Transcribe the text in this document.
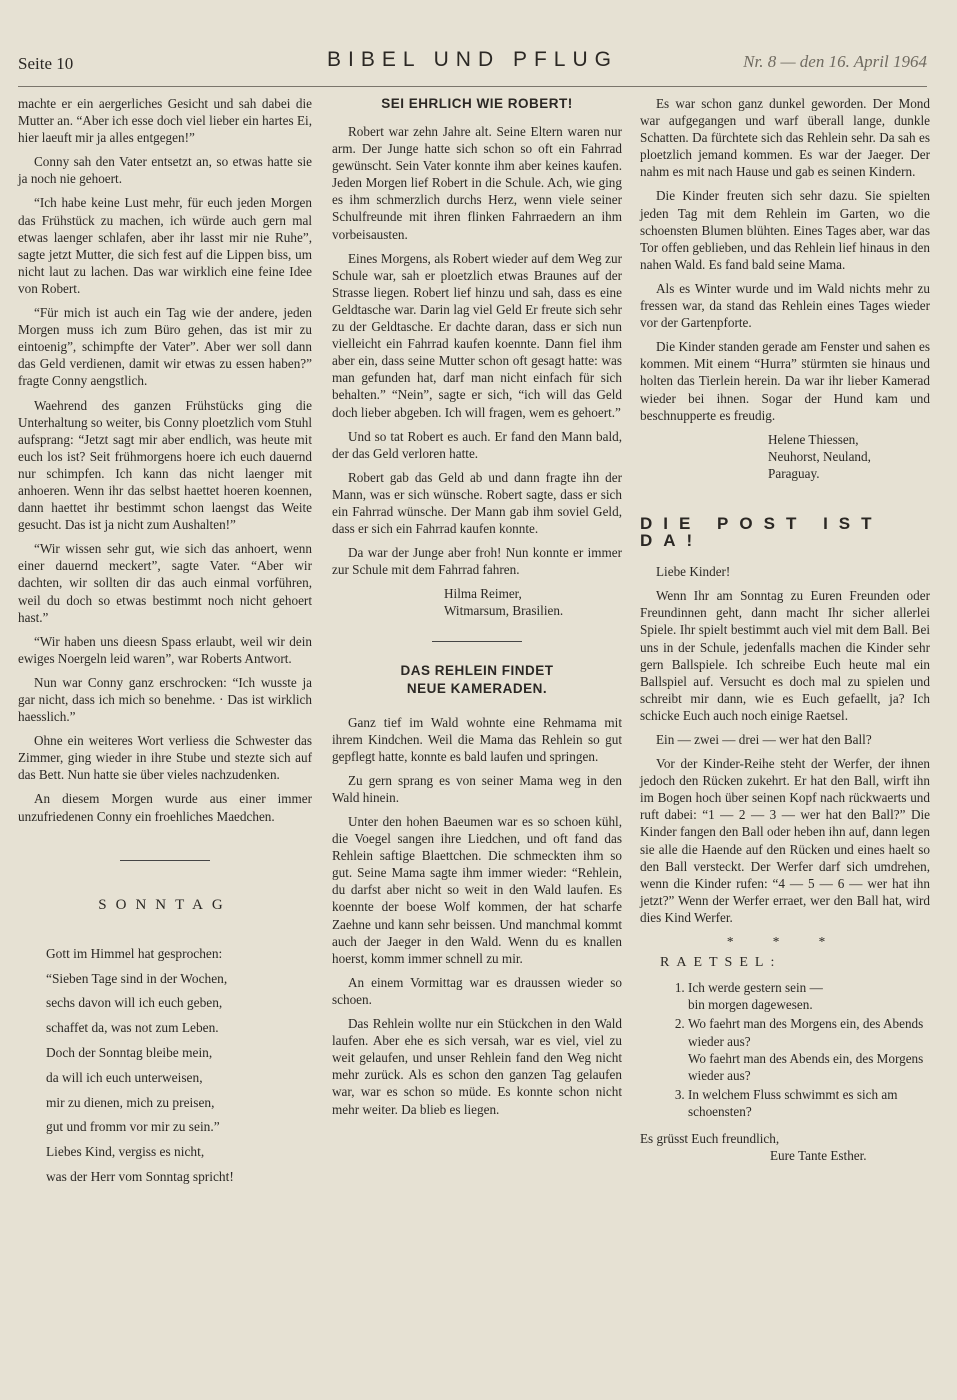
Seite 10	BIBEL UND PFLUG	Nr. 8 — den 16. April 1964

machte er ein aergerliches Gesicht und sah dabei die Mutter an. “Aber ich esse doch viel lieber ein hartes Ei, hier laeuft mir ja alles entgegen!”

Conny sah den Vater entsetzt an, so etwas hatte sie ja noch nie gehoert.

“Ich habe keine Lust mehr, für euch jeden Morgen das Frühstück zu machen, ich würde auch gern mal etwas laenger schlafen, aber ihr lasst mir nie Ruhe”, sagte jetzt Mutter, die sich fest auf die Lippen biss, um nicht laut zu lachen. Das war wirklich eine feine Idee von Robert.

“Für mich ist auch ein Tag wie der andere, jeden Morgen muss ich zum Büro gehen, das ist mir zu eintoenig”, schimpfte der Vater”. Aber wer soll dann das Geld verdienen, damit wir etwas zu essen haben?” fragte Conny aengstlich.

Waehrend des ganzen Frühstücks ging die Unterhaltung so weiter, bis Conny ploetzlich vom Stuhl aufsprang: “Jetzt sagt mir aber endlich, was heute mit euch los ist? Seit frühmorgens hoere ich euch dauernd nur schimpfen. Ich kann das nicht laenger mit anhoeren. Wenn ihr das selbst haettet hoeren koennen, dann haettet ihr bestimmt schon laengst das Weite gesucht. Das ist ja nicht zum Aushalten!”

“Wir wissen sehr gut, wie sich das anhoert, wenn einer dauernd meckert”, sagte Vater. “Aber wir dachten, wir sollten dir das auch einmal vorführen, weil du doch so etwas bestimmt noch nicht gehoert hast.”

“Wir haben uns dieesn Spass erlaubt, weil wir dein ewiges Noergeln leid waren”, war Roberts Antwort.

Nun war Conny ganz erschrocken: “Ich wusste ja gar nicht, dass ich mich so benehme. · Das ist wirklich haesslich.”

Ohne ein weiteres Wort verliess die Schwester das Zimmer, ging wieder in ihre Stube und stezte sich auf das Bett. Nun hatte sie über vieles nachzudenken.

An diesem Morgen wurde aus einer immer unzufriedenen Conny ein froehliches Maedchen.

SONNTAG
Gott im Himmel hat gesprochen:
“Sieben Tage sind in der Wochen,
sechs davon will ich euch geben,
schaffet da, was not zum Leben.
Doch der Sonntag bleibe mein,
da will ich euch unterweisen,
mir zu dienen, mich zu preisen,
gut und fromm vor mir zu sein.”
Liebes Kind, vergiss es nicht,
was der Herr vom Sonntag spricht!
SEI EHRLICH WIE ROBERT!

Robert war zehn Jahre alt. Seine Eltern waren nur arm. Der Junge hatte sich schon so oft ein Fahrrad gewünscht. Sein Vater konnte ihm aber keines kaufen. Jeden Morgen lief Robert in die Schule. Ach, wie ging es ihm schmerzlich durchs Herz, wenn viele seiner Schulfreunde mit ihren flinken Fahrraedern an ihm vorbeisausten.

Eines Morgens, als Robert wieder auf dem Weg zur Schule war, sah er ploetzlich etwas Braunes auf der Strasse liegen. Robert lief hinzu und sah, dass es eine Geldtasche war. Darin lag viel Geld Er freute sich sehr zu der Geldtasche. Er dachte daran, dass er sich nun vielleicht ein Fahrrad kaufen koennte. Dann fiel ihm aber ein, dass seine Mutter schon oft gesagt hatte: was man gefunden hat, darf man nicht einfach für sich behalten.” “Nein”, sagte er sich, “ich will das Geld doch lieber abgeben. Ich will fragen, wem es gehoert.”

Und so tat Robert es auch. Er fand den Mann bald, der das Geld verloren hatte.

Robert gab das Geld ab und dann fragte ihn der Mann, was er sich wünsche. Robert sagte, dass er sich ein Fahrrad wünsche. Der Mann gab ihm soviel Geld, dass er sich ein Fahrrad kaufen konnte.

Da war der Junge aber froh! Nun konnte er immer zur Schule mit dem Fahrrad fahren.

Hilma Reimer,

Witmarsum, Brasilien.

DAS REHLEIN FINDET
NEUE KAMERADEN.

Ganz tief im Wald wohnte eine Rehmama mit ihrem Kindchen. Weil die Mama das Rehlein so gut gepflegt hatte, konnte es bald laufen und springen.

Zu gern sprang es von seiner Mama weg in den Wald hinein.

Unter den hohen Baeumen war es so schoen kühl, die Voegel sangen ihre Liedchen, und oft fand das Rehlein saftige Blaettchen. Die schmeckten ihm so gut. Seine Mama sagte ihm immer wieder: “Rehlein, du darfst aber nicht so weit in den Wald laufen. Es koennte der boese Wolf kommen, der hat scharfe Zaehne und kann sehr beissen. Und manchmal kommt auch der Jaeger in den Wald. Wenn du es knallen hoerst, komm immer schnell zu mir.

An einem Vormittag war es draussen wieder so schoen.

Das Rehlein wollte nur ein Stückchen in den Wald laufen. Aber ehe es sich versah, war es viel, viel zu weit gelaufen, und unser Rehlein fand den Weg nicht mehr zurück. Als es schon den ganzen Tag gelaufen war, war es schon so müde. Es konnte schon nicht mehr weiter. Da blieb es liegen.

Es war schon ganz dunkel geworden. Der Mond war aufgegangen und warf überall lange, dunkle Schatten. Da fürchtete sich das Rehlein sehr. Da sah es ploetzlich jemand kommen. Es war der Jaeger. Der nahm es mit nach Hause und gab es seinen Kindern.

Die Kinder freuten sich sehr dazu. Sie spielten jeden Tag mit dem Rehlein im Garten, wo die schoensten Blumen blühten. Eines Tages aber, war das Tor offen geblieben, und das Rehlein lief hinaus in den nahen Wald. Es fand bald seine Mama.

Als es Winter wurde und im Wald nichts mehr zu fressen war, da stand das Rehlein eines Tages wieder vor der Gartenpforte.

Die Kinder standen gerade am Fenster und sahen es kommen. Mit einem “Hurra” stürmten sie hinaus und holten das Tierlein herein. Da war ihr lieber Kamerad wieder bei ihnen. Sogar der Hund kam und beschnupperte es freudig.

Helene Thiessen,

Neuhorst, Neuland,

Paraguay.

DIE POST IST DA!

Liebe Kinder!

Wenn Ihr am Sonntag zu Euren Freunden oder Freundinnen geht, dann macht Ihr sicher allerlei Spiele. Ihr spielt bestimmt auch viel mit dem Ball. Bei uns in der Schule, jedenfalls machen die Kinder sehr gern Ballspiele. Ich schreibe Euch heute mal ein Ballspiel auf. Versucht es doch mal zu spielen und schreibt mir dann, wie es Euch gefaellt, ja? Ich schicke Euch auch noch einige Raetsel.

Ein — zwei — drei — wer hat den Ball?

Vor der Kinder-Reihe steht der Werfer, der ihnen jedoch den Rücken zukehrt. Er hat den Ball, wirft ihn im Bogen hoch über seinen Kopf nach rückwaerts und ruft dabei: “1 — 2 — 3 — wer hat den Ball?” Die Kinder fangen den Ball oder heben ihn auf, dann legen sie alle die Haende auf den Rücken und eines haelt so den Ball versteckt. Der Werfer darf sich umdrehen, wenn die Kinder rufen: “4 — 5 — 6 — wer hat ihn jetzt?” Wenn der Werfer erraet, wer den Ball hat, wird dies Kind Werfer.

* * *
RAETSEL:
1. Ich werde gestern sein —
bin morgen dagewesen.
2. Wo faehrt man des Morgens ein, des Abends wieder aus?
Wo faehrt man des Abends ein, des Morgens wieder aus?
3. In welchem Fluss schwimmt es sich am schoensten?

Es grüsst Euch freundlich,

Eure Tante Esther.
